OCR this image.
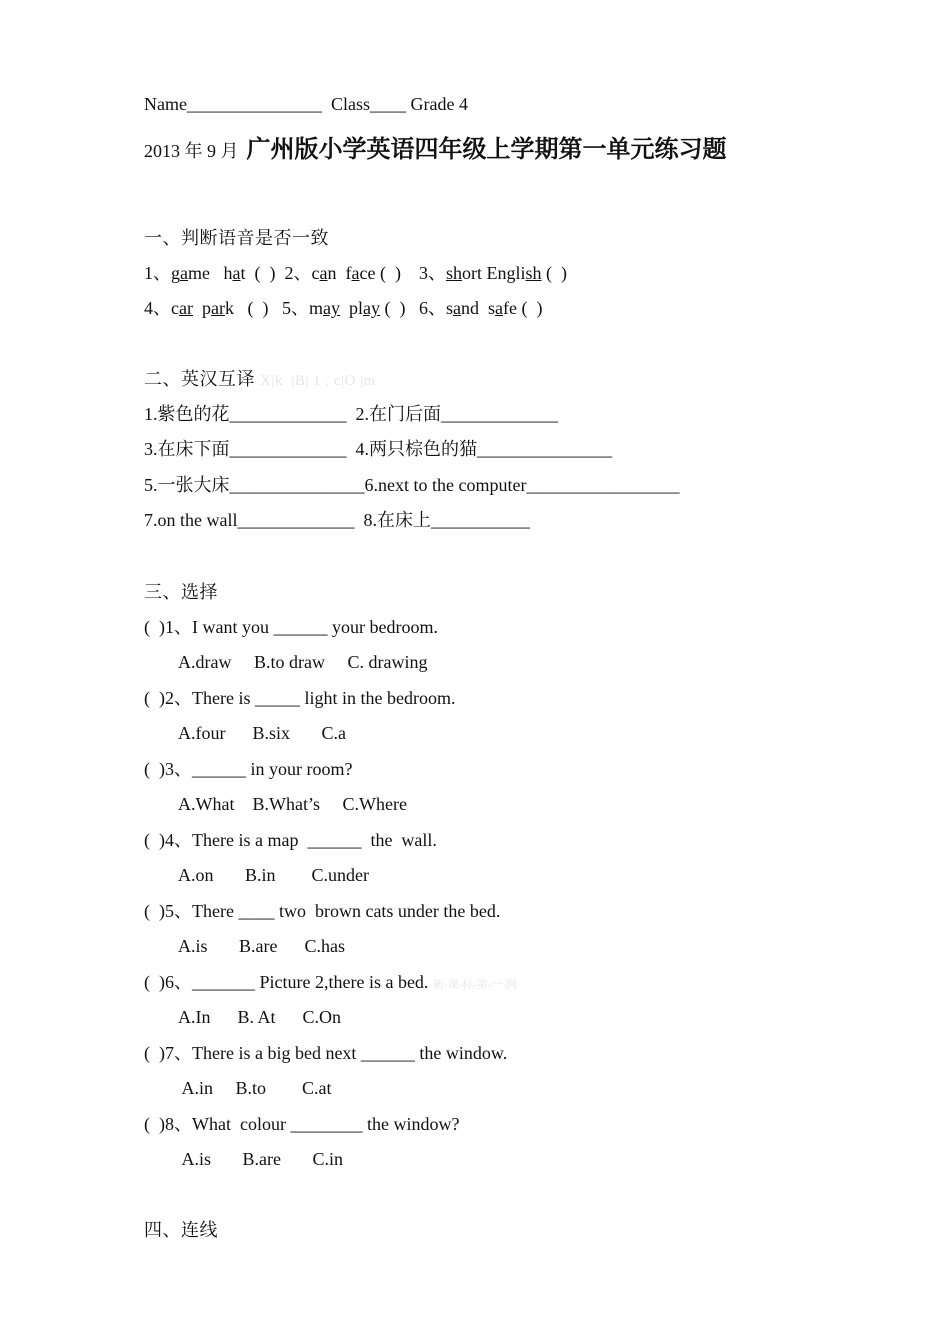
Name_______________  Class____ Grade 4
2013 年 9 月 广州版小学英语四年级上学期第一单元练习题
一、判断语音是否一致
1、game hat  (  )  2、can face (  )    3、short English (  )
4、car park   (  )   5、may play (  )   6、sand safe (  )
二、英汉互译 X|k  |B| 1 . c|O |m
1.紫色的花_____________  2.在门后面_____________
3.在床下面_____________  4.两只棕色的猫_______________
5.一张大床_______________6.next to the computer_________________
7.on the wall_____________  8.在床上___________
三、选择
(  )1、I want you ______ your bedroom.
A.draw     B.to draw     C. drawing
(  )2、There is _____ light in the bedroom.
A.four      B.six       C.a
(  )3、______ in your room?
A.What    B.What’s     C.Where
(  )4、There is a map  ______  the  wall.
A.on       B.in        C.under
(  )5、There ____ two  brown cats under the bed.
A.is       B.are      C.has
(  )6、_______ Picture 2,there is a bed. 新-课-标-第-一-网
A.In      B. At      C.On
(  )7、There is a big bed next ______ the window.
A.in     B.to        C.at
(  )8、What  colour ________ the window?
A.is       B.are       C.in
四、连线
